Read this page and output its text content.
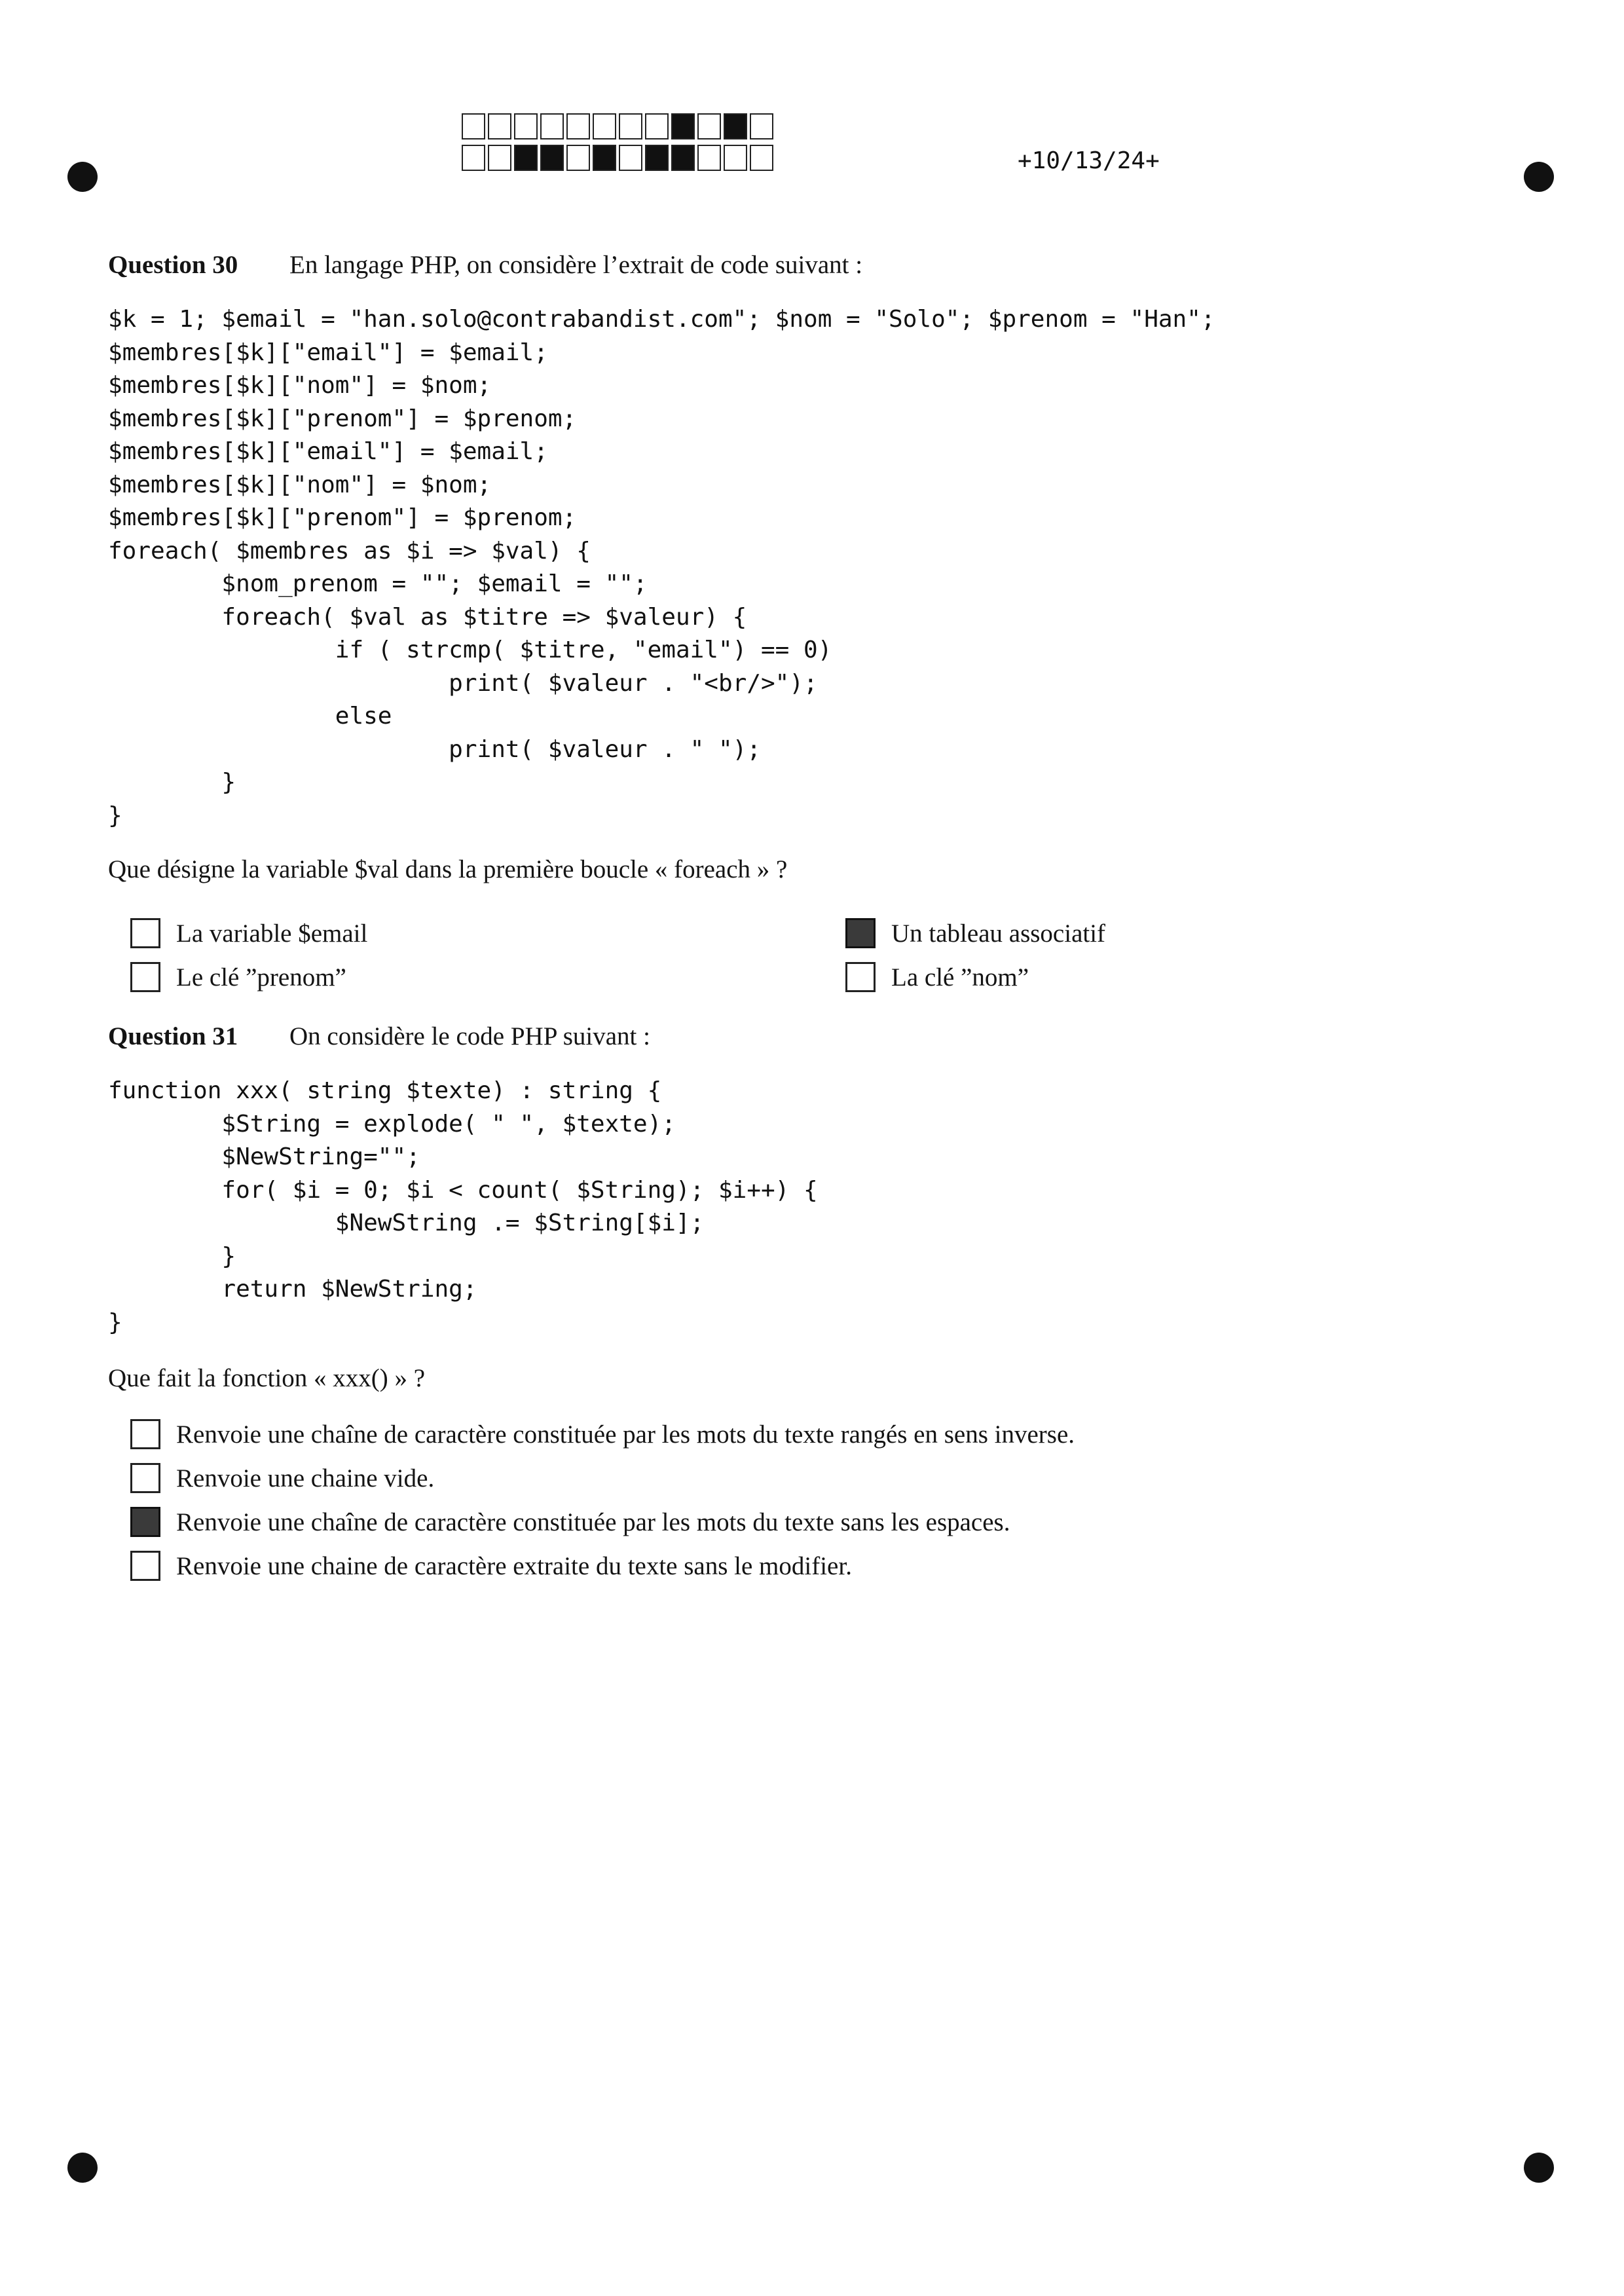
+10/13/24+
Question 30 En langage PHP, on considère l’extrait de code suivant :
$k = 1; $email = "han.solo@contrabandist.com"; $nom = "Solo"; $prenom = "Han";
$membres[$k]["email"] = $email;
$membres[$k]["nom"] = $nom;
$membres[$k]["prenom"] = $prenom;
$membres[$k]["email"] = $email;
$membres[$k]["nom"] = $nom;
$membres[$k]["prenom"] = $prenom;
foreach( $membres as $i => $val) {
$nom_prenom = ""; $email = "";
foreach( $val as $titre => $valeur) {
if ( strcmp( $titre, "email") == 0)
print( $valeur . "<br/>");
else
print( $valeur . " ");
}
}
Que désigne la variable $val dans la première boucle « foreach » ?
La variable $email	Un tableau associatif
Le clé ”prenom”	La clé ”nom”
Question 31 On considère le code PHP suivant :
function xxx( string $texte) : string {
$String = explode( " ", $texte);
$NewString="";
for( $i = 0; $i < count( $String); $i++) {
$NewString .= $String[$i];
}
return $NewString;
}
Que fait la fonction « xxx() » ?
Renvoie une chaîne de caractère constituée par les mots du texte rangés en sens inverse.
Renvoie une chaine vide.
Renvoie une chaîne de caractère constituée par les mots du texte sans les espaces.
Renvoie une chaine de caractère extraite du texte sans le modifier.
